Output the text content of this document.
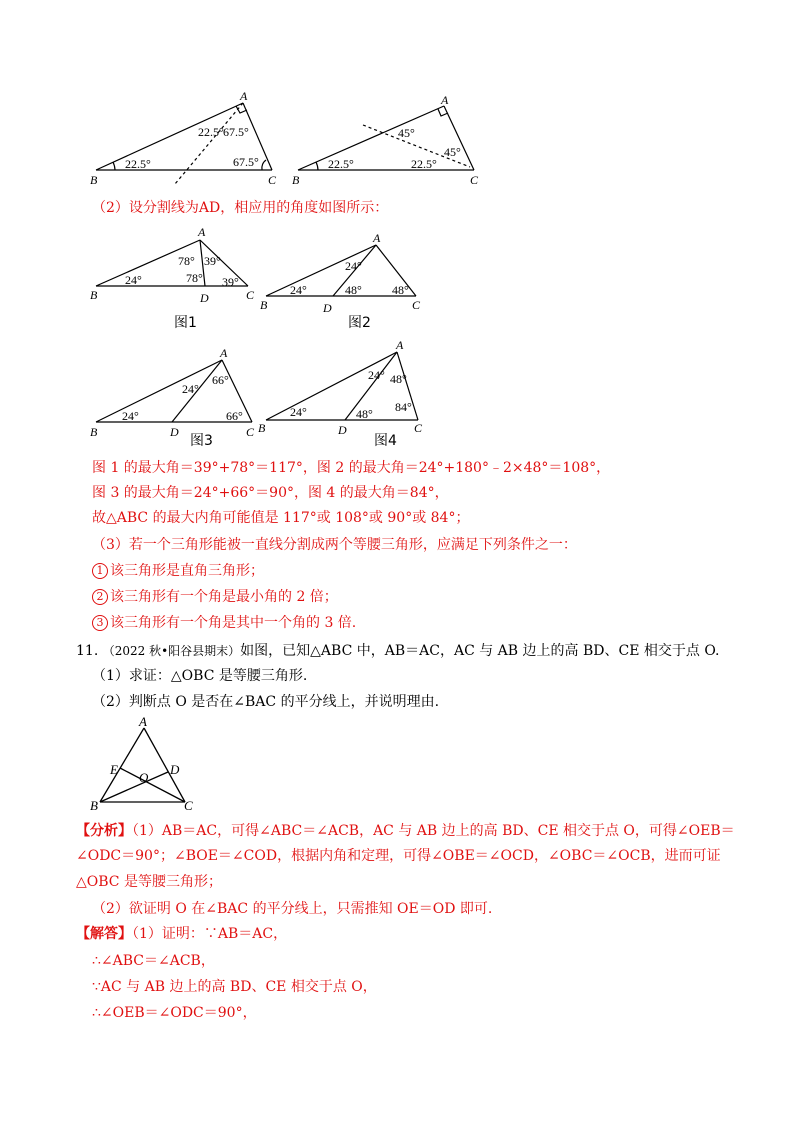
A
B	C
22.5° 67.5°
22.5°	67.5°
A
B	C
45°
45°
22.5°	22.5°
（2）设分割线为AD，相应用的角度如图所示：
A
B	C
D
24°
78° 39°
78° 39°
图1
A
B	C
D
24°
24°
48°	48°
图2
A
B	C
D
24°
24°
66°
66°
图3
A
B	C
D
24°
24° 48°
48° 84°
图4
图 1 的最大角＝39°+78°＝117°，图 2 的最大角＝24°+180°﹣2×48°＝108°，
图 3 的最大角＝24°+66°＝90°，图 4 的最大角＝84°，
故△ABC 的最大内角可能值是 117°或 108°或 90°或 84°；
（3）若一个三角形能被一直线分割成两个等腰三角形，应满足下列条件之一：
1 该三角形是直角三角形；
2 该三角形有一个角是最小角的 2 倍；
3 该三角形有一个角是其中一个角的 3 倍.
11. （2022 秋•阳谷县期末）如图，已知△ABC 中，AB＝AC，AC 与 AB 边上的高 BD、CE 相交于点 O.
（1）求证：△OBC 是等腰三角形.
（2）判断点 O 是否在∠BAC 的平分线上，并说明理由.
A
B	C
D
E
O
【分析】（1）AB＝AC，可得∠ABC＝∠ACB，AC 与 AB 边上的高 BD、CE 相交于点 O，可得∠OEB＝
∠ODC＝90°；∠BOE＝∠COD，根据内角和定理，可得∠OBE＝∠OCD，∠OBC＝∠OCB，进而可证
△OBC 是等腰三角形；
（2）欲证明 O 在∠BAC 的平分线上，只需推知 OE＝OD 即可.
【解答】（1）证明：∵AB＝AC，
∴∠ABC＝∠ACB，
∵AC 与 AB 边上的高 BD、CE 相交于点 O，
∴∠OEB＝∠ODC＝90°，
